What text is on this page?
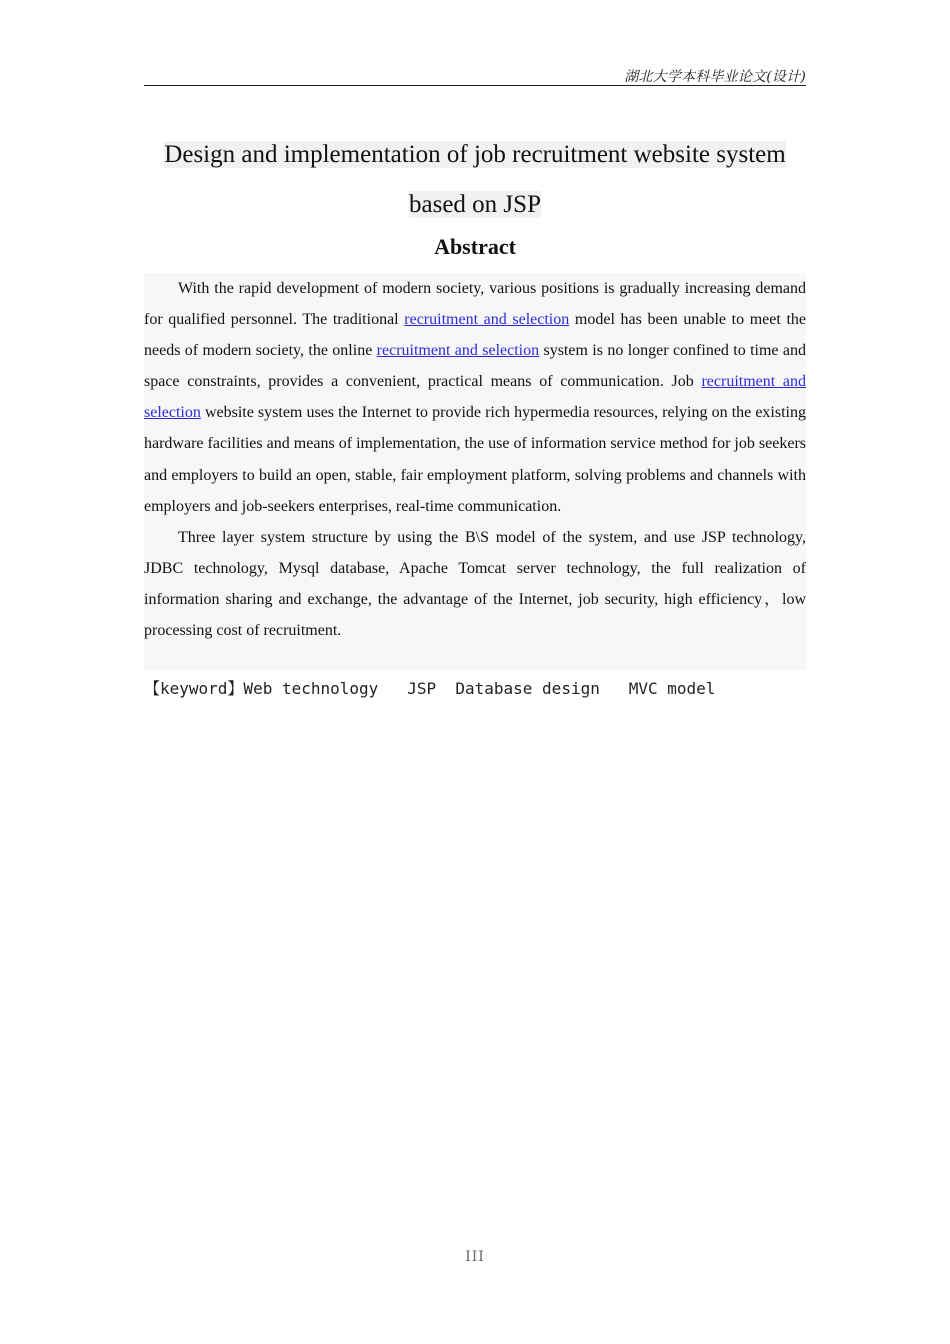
湖北大学本科毕业论文(设计)
Design and implementation of job recruitment website system
based on JSP
Abstract

With the rapid development of modern society, various positions is gradually increasing demand for qualified personnel. The traditional recruitment and selection model has been unable to meet the needs of modern society, the online recruitment and selection system is no longer confined to time and space constraints, provides a convenient, practical means of communication. Job recruitment and selection website system uses the Internet to provide rich hypermedia resources, relying on the existing hardware facilities and means of implementation, the use of information service method for job seekers and employers to build an open, stable, fair employment platform, solving problems and channels with employers and job-seekers enterprises, real-time communication.

Three layer system structure by using the B\S model of the system, and use JSP technology, JDBC technology, Mysql database, Apache Tomcat server technology, the full realization of information sharing and exchange, the advantage of the Internet, job security, high efficiency，low processing cost of recruitment.

【keyword】Web technology   JSP  Database design   MVC model
III
